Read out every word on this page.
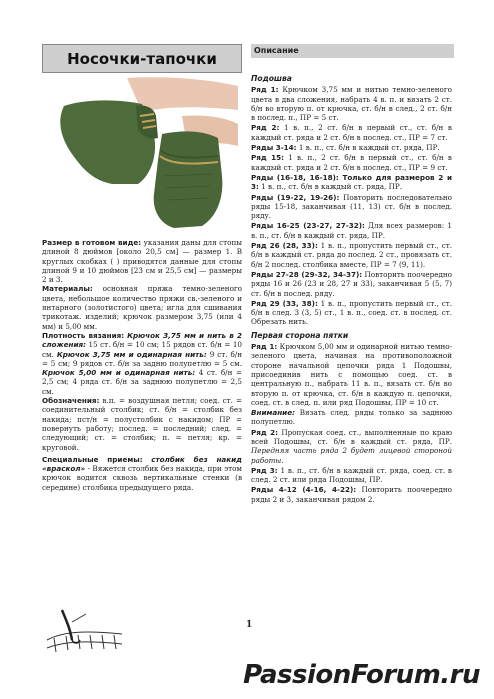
Носочки-тапочки

Размер в готовом виде: указания даны для стопы длиной 8 дюймов [около 20,5 см] — размер 1. В круглых скобках ( ) приводятся данные для стопы длиной 9 и 10 дюймов [23 см и 25,5 см] — размеры 2 и 3.

Материалы: основная пряжа темно-зеленого цвета, небольшое количество пряжи св.-зеленого и янтарного (золотистого) цвета; игла для сшивания трикотаж. изделий; крючок размером 3,75 (или 4 мм) и 5,00 мм.

Плотность вязания: Крючок 3,75 мм и нить в 2 сложения: 15 ст. б/н = 10 см; 15 рядов ст. б/н = 10 см. Крючок 3,75 мм и одинарная нить: 9 ст. б/н = 5 см; 9 рядов ст. б/н за задню полупетлю = 5 см. Крючок 5,00 мм и одинарная нить: 4 ст. б/н = 2,5 см; 4 ряда ст. б/н за заднюю полупетлю = 2,5 см.

Обозначения: в.п. = воздушная петля; соед. ст. = соединительный столбик; ст. б/н = столбик без накида; пст/н = полустолбик с накидом; ПР = повернуть работу; послед. = последний; след. = следующий; ст. = столбик; п. = петля; кр. = круговой.

Специальные приемы: столбик без накид «враскол» - Вяжется столбик без накида, при этом крючок водится сквозь вертикальные стенки (в середине) столбика предыдущего ряда.

Описание
Подошва

Ряд 1: Крючком 3,75 мм и нитью темно-зеленого цвета в два сложения, набрать 4 в. п. и вязать 2 ст. б/н во вторую п. от крючка, ст. б/н в след., 2 ст. б/н в послед. п., ПР = 5 ст.

Ряд 2: 1 в. п., 2 ст. б/н в первый ст., ст. б/н в каждый ст. ряда и 2 ст. б/н в послед. ст., ПР = 7 ст.

Ряды 3-14: 1 в. п., ст. б/н в каждый ст. ряда, ПР.

Ряд 15: 1 в. п., 2 ст. б/н в первый ст., ст. б/н в каждый ст. ряда и 2 ст. б/н в послед. ст., ПР = 9 ст.

Ряды (16-18, 16-18): Только для размеров 2 и 3: 1 в. п., ст. б/н в каждый ст. ряда, ПР.

Ряды (19-22, 19-26): Повторить последовательно ряды 15-18, заканчивая (11, 13) ст. б/н в послед. ряду.

Ряды 16-25 (23-27, 27-32): Для всех размеров: 1 в. п., ст. б/н в каждый ст. ряда, ПР.

Ряд 26 (28, 33): 1 в. п., пропустить первый ст., ст. б/н в каждый ст. ряда до послед. 2 ст., провязать ст. б/н 2 послед. столбика вместе, ПР = 7 (9, 11).

Ряды 27-28 (29-32, 34-37): Повторить поочередно ряды 16 и 26 (23 и 28, 27 и 33), заканчивая 5 (5, 7) ст. б/н в послед. ряду.

Ряд 29 (33, 38): 1 в. п., пропустить первый ст., ст. б/н в след. 3 (3, 5) ст., 1 в. п., соед. ст. в послед. ст. Обрезать нить.

Первая сторона пятки

Ряд 1: Крючком 5,00 мм и одинарной нитью темно-зеленого цвета, начиная на противоположной стороне начальной цепочки ряда 1 Подошвы, присоединив нить с помощью соед. ст. в центральную п., набрать 11 в. п., вязать ст. б/н во вторую п. от крючка, ст. б/н в каждую п. цепочки, соед. ст. в след. п. или ряд Подошвы, ПР = 10 ст.

Внимание: Вязать след. ряды только за заднюю полупетлю.

Ряд 2: Пропуская соед. ст., выполненные по краю всей Подошвы, ст. б/н в каждый ст. ряда, ПР. Передняя часть ряда 2 будет лицевой стороной работы.

Ряд 3: 1 в. п., ст. б/н в каждый ст. ряда, соед. ст. в след. 2 ст. или ряда Подошвы, ПР.

Ряды 4-12 (4-16, 4-22): Повторить поочередно ряды 2 и 3, заканчивая рядом 2.

1
PassionForum.ru
